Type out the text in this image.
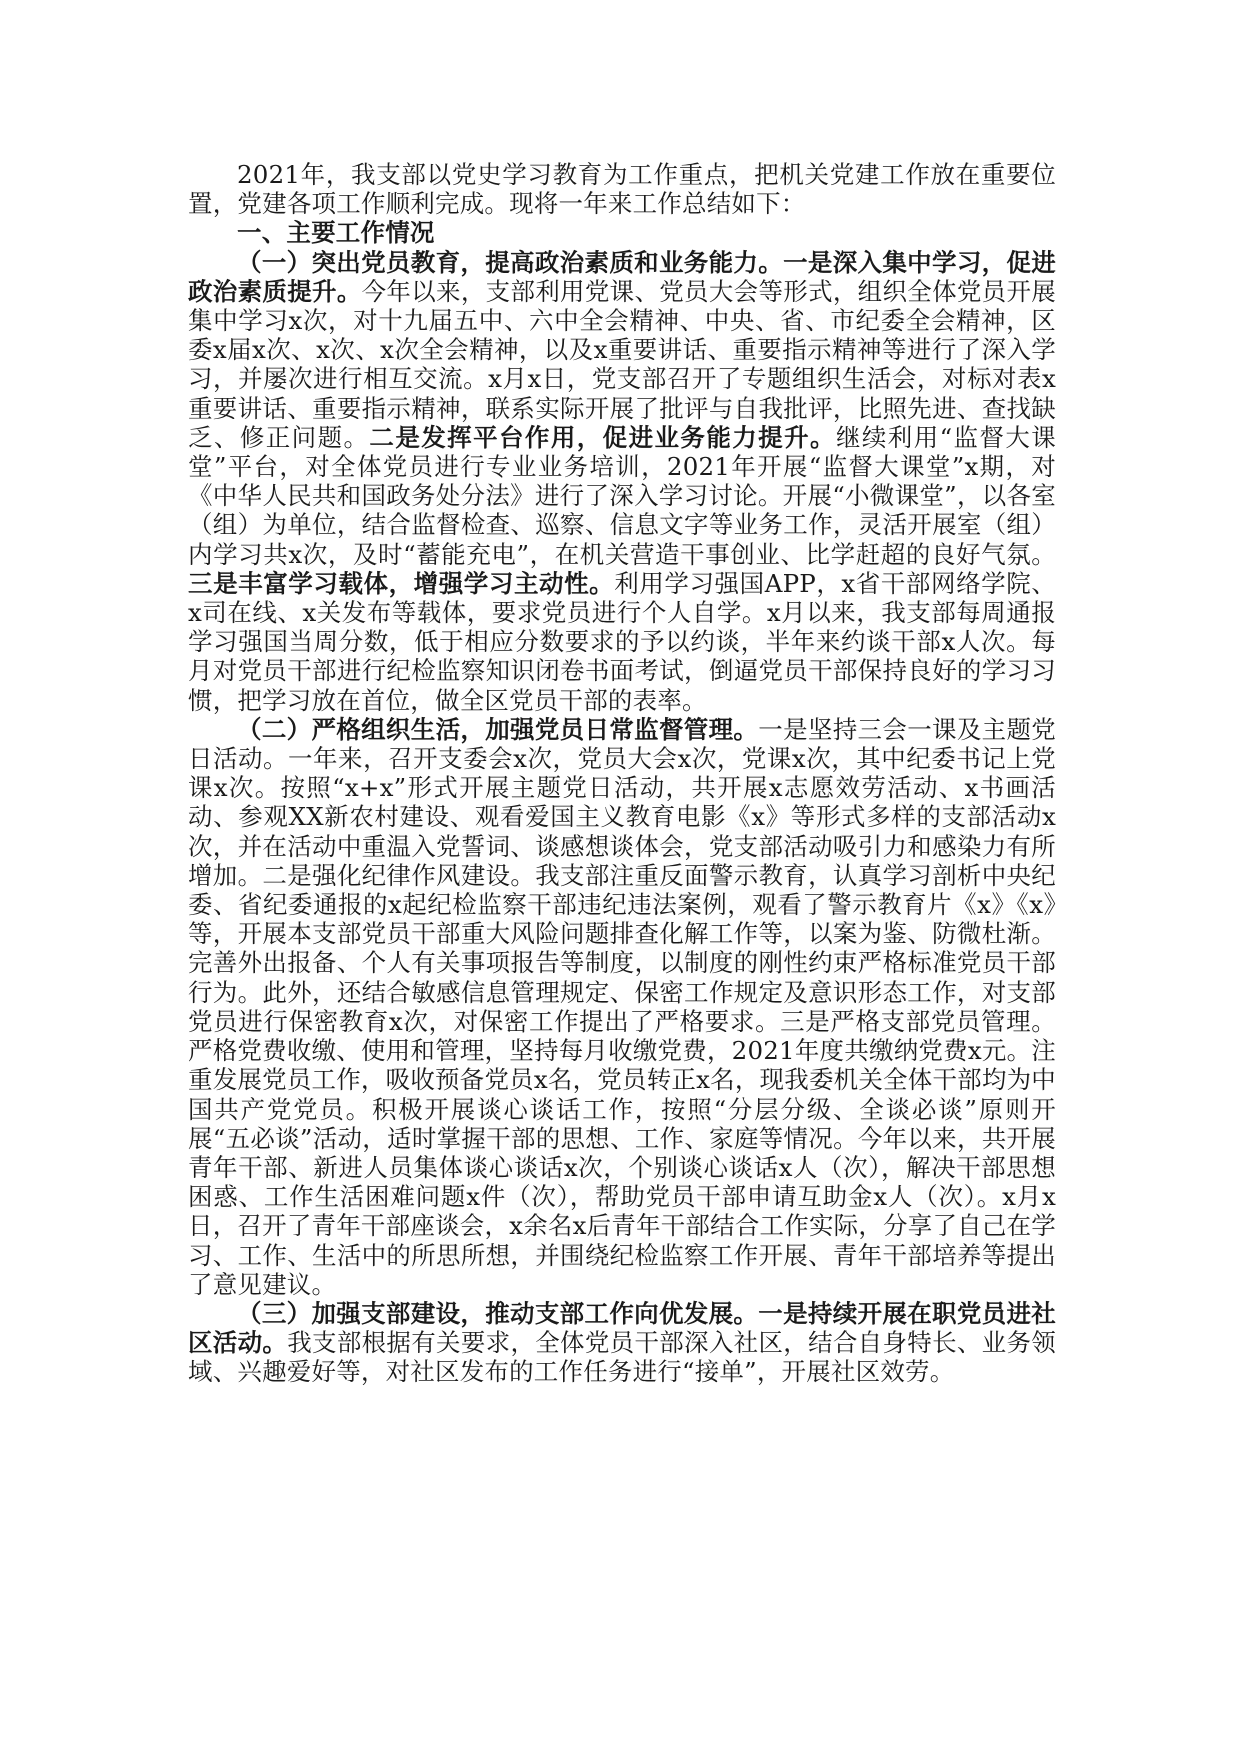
2021年，我支部以党史学习教育为工作重点，把机关党建工作放在重要位置，党建各项工作顺利完成。现将一年来工作总结如下：

一、主要工作情况

（一）突出党员教育，提高政治素质和业务能力。一是深入集中学习，促进政治素质提升。今年以来，支部利用党课、党员大会等形式，组织全体党员开展集中学习x次，对十九届五中、六中全会精神、中央、省、市纪委全会精神，区委x届x次、x次、x次全会精神，以及x重要讲话、重要指示精神等进行了深入学习，并屡次进行相互交流。x月x日，党支部召开了专题组织生活会，对标对表x重要讲话、重要指示精神，联系实际开展了批评与自我批评，比照先进、查找缺乏、修正问题。二是发挥平台作用，促进业务能力提升。继续利用“监督大课堂”平台，对全体党员进行专业业务培训，2021年开展“监督大课堂”x期，对《中华人民共和国政务处分法》进行了深入学习讨论。开展“小微课堂”，以各室（组）为单位，结合监督检查、巡察、信息文字等业务工作，灵活开展室（组）内学习共x次，及时“蓄能充电”，在机关营造干事创业、比学赶超的良好气氛。三是丰富学习载体，增强学习主动性。利用学习强国APP，x省干部网络学院、x司在线、x关发布等载体，要求党员进行个人自学。x月以来，我支部每周通报学习强国当周分数，低于相应分数要求的予以约谈，半年来约谈干部x人次。每月对党员干部进行纪检监察知识闭卷书面考试，倒逼党员干部保持良好的学习习惯，把学习放在首位，做全区党员干部的表率。

（二）严格组织生活，加强党员日常监督管理。一是坚持三会一课及主题党日活动。一年来，召开支委会x次，党员大会x次，党课x次，其中纪委书记上党课x次。按照“x+x”形式开展主题党日活动，共开展x志愿效劳活动、x书画活动、参观XX新农村建设、观看爱国主义教育电影《x》等形式多样的支部活动x次，并在活动中重温入党誓词、谈感想谈体会，党支部活动吸引力和感染力有所增加。二是强化纪律作风建设。我支部注重反面警示教育，认真学习剖析中央纪委、省纪委通报的x起纪检监察干部违纪违法案例，观看了警示教育片《x》《x》等，开展本支部党员干部重大风险问题排查化解工作等，以案为鉴、防微杜渐。完善外出报备、个人有关事项报告等制度，以制度的刚性约束严格标准党员干部行为。此外，还结合敏感信息管理规定、保密工作规定及意识形态工作，对支部党员进行保密教育x次，对保密工作提出了严格要求。三是严格支部党员管理。严格党费收缴、使用和管理，坚持每月收缴党费，2021年度共缴纳党费x元。注重发展党员工作，吸收预备党员x名，党员转正x名，现我委机关全体干部均为中国共产党党员。积极开展谈心谈话工作，按照“分层分级、全谈必谈”原则开展“五必谈”活动，适时掌握干部的思想、工作、家庭等情况。今年以来，共开展青年干部、新进人员集体谈心谈话x次，个别谈心谈话x人（次），解决干部思想困惑、工作生活困难问题x件（次），帮助党员干部申请互助金x人（次）。x月x日，召开了青年干部座谈会，x余名x后青年干部结合工作实际，分享了自己在学习、工作、生活中的所思所想，并围绕纪检监察工作开展、青年干部培养等提出了意见建议。

（三）加强支部建设，推动支部工作向优发展。一是持续开展在职党员进社区活动。我支部根据有关要求，全体党员干部深入社区，结合自身特长、业务领域、兴趣爱好等，对社区发布的工作任务进行“接单”，开展社区效劳。
